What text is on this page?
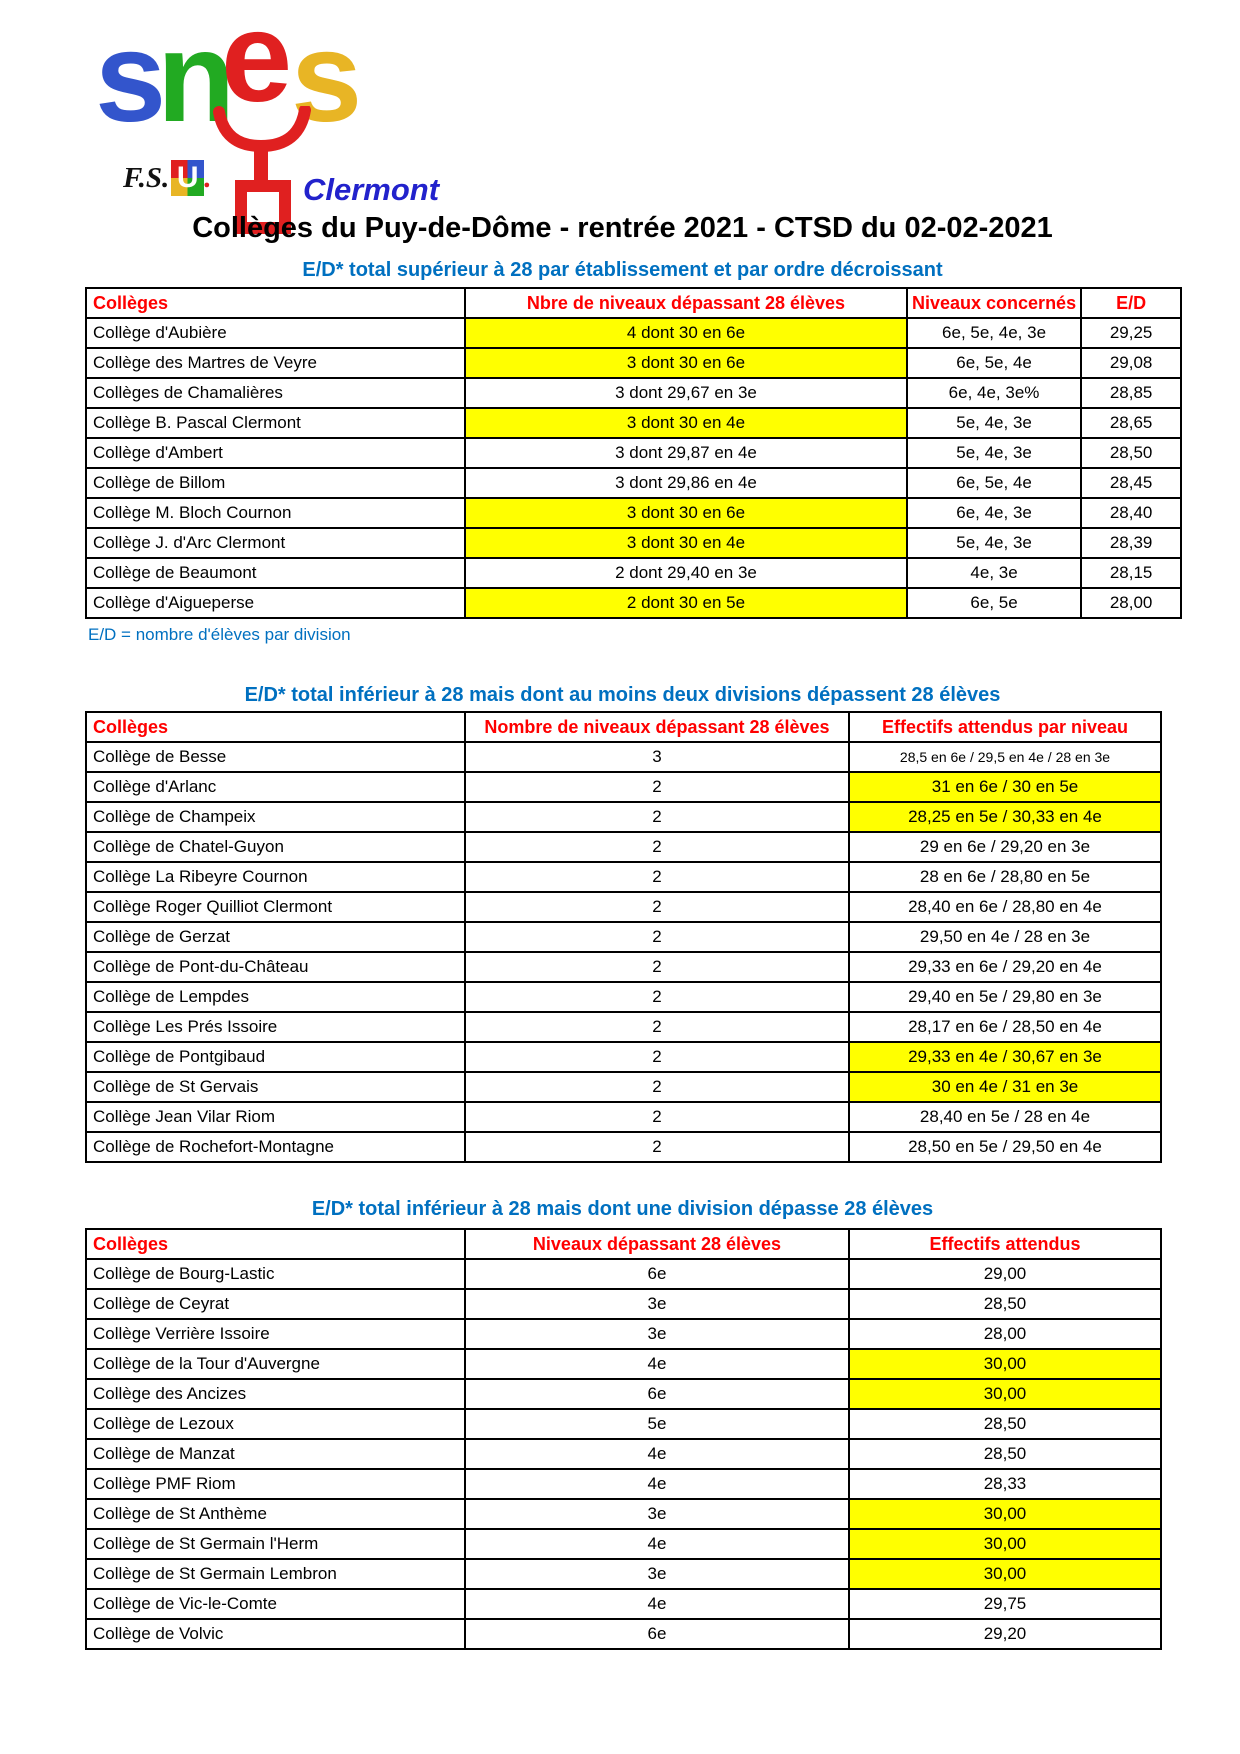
s
n
e s
F.S. U .	Clermont
Collèges du Puy-de-Dôme - rentrée 2021 - CTSD du 02-02-2021
E/D* total supérieur à 28 par établissement et par ordre décroissant
Collèges	Nbre de niveaux dépassant 28 élèves	Niveaux concernés	E/D
Collège d'Aubière	4 dont 30 en 6e	6e, 5e, 4e, 3e	29,25
Collège des Martres de Veyre	3 dont 30 en 6e	6e, 5e, 4e	29,08
Collèges de Chamalières	3 dont 29,67 en 3e	6e, 4e, 3e%	28,85
Collège B. Pascal Clermont	3 dont 30 en 4e	5e, 4e, 3e	28,65
Collège d'Ambert	3 dont 29,87 en 4e	5e, 4e, 3e	28,50
Collège de Billom	3 dont 29,86 en 4e	6e, 5e, 4e	28,45
Collège M. Bloch Cournon	3 dont 30 en 6e	6e, 4e, 3e	28,40
Collège J. d'Arc Clermont	3 dont 30 en 4e	5e, 4e, 3e	28,39
Collège de Beaumont	2 dont 29,40 en 3e	4e, 3e	28,15
Collège d'Aigueperse	2 dont 30 en 5e	6e, 5e	28,00
E/D = nombre d'élèves par division
E/D* total inférieur à 28 mais dont au moins deux divisions dépassent 28 élèves
Collèges	Nombre de niveaux dépassant 28 élèves	Effectifs attendus par niveau
Collège de Besse	3	28,5 en 6e / 29,5 en 4e / 28 en 3e
Collège d'Arlanc	2	31 en 6e / 30 en 5e
Collège de Champeix	2	28,25 en 5e / 30,33 en 4e
Collège de Chatel-Guyon	2	29 en 6e / 29,20 en 3e
Collège La Ribeyre Cournon	2	28 en 6e / 28,80 en 5e
Collège Roger Quilliot Clermont	2	28,40 en 6e / 28,80 en 4e
Collège de Gerzat	2	29,50 en 4e / 28 en 3e
Collège de Pont-du-Château	2	29,33 en 6e / 29,20 en 4e
Collège de Lempdes	2	29,40 en 5e / 29,80 en 3e
Collège Les Prés Issoire	2	28,17 en 6e / 28,50 en 4e
Collège de Pontgibaud	2	29,33 en 4e / 30,67 en 3e
Collège de St Gervais	2	30 en 4e / 31 en 3e
Collège Jean Vilar Riom	2	28,40 en 5e / 28 en 4e
Collège de Rochefort-Montagne	2	28,50 en 5e / 29,50 en 4e
E/D* total inférieur à 28 mais dont une division dépasse 28 élèves
Collèges	Niveaux dépassant 28 élèves	Effectifs attendus
Collège de Bourg-Lastic	6e	29,00
Collège de Ceyrat	3e	28,50
Collège Verrière Issoire	3e	28,00
Collège de la Tour d'Auvergne	4e	30,00
Collège des Ancizes	6e	30,00
Collège de Lezoux	5e	28,50
Collège de Manzat	4e	28,50
Collège PMF Riom	4e	28,33
Collège de St Anthème	3e	30,00
Collège de St Germain l'Herm	4e	30,00
Collège de St Germain Lembron	3e	30,00
Collège de Vic-le-Comte	4e	29,75
Collège de Volvic	6e	29,20
